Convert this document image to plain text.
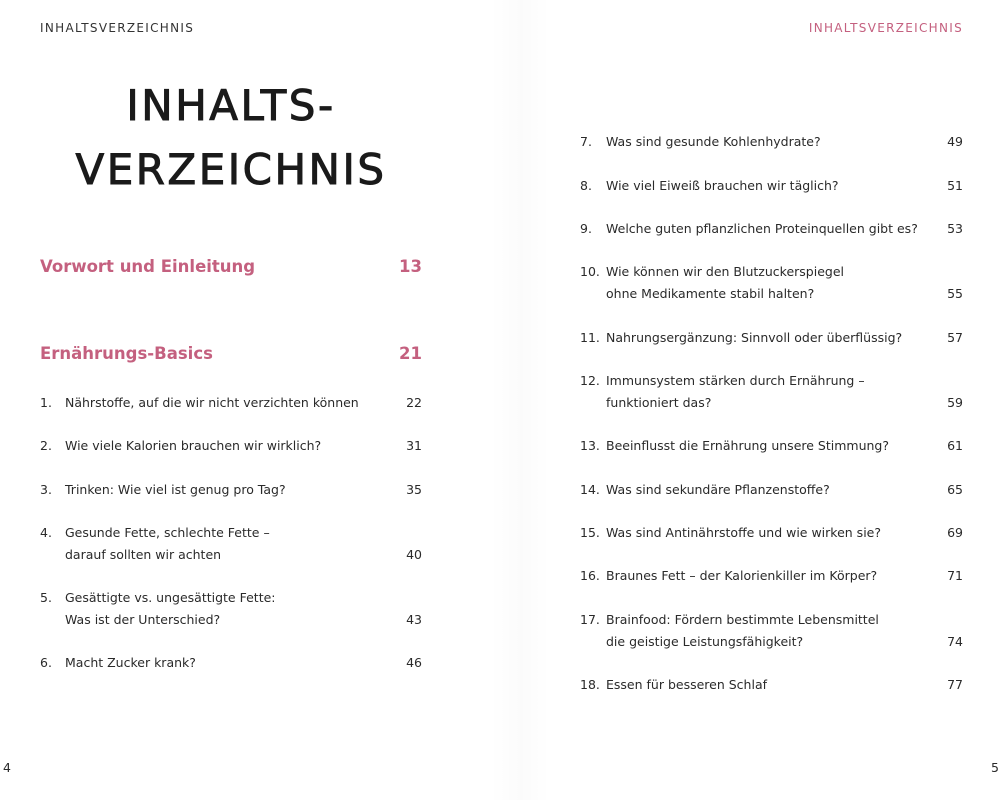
INHALTSVERZEICHNIS	INHALTSVERZEICHNIS
INHALTS-
VERZEICHNIS
Vorwort und Einleitung	13
Ernährungs-Basics	21
1. Nährstoffe, auf die wir nicht verzichten können	22
2. Wie viele Kalorien brauchen wir wirklich?	31
3. Trinken: Wie viel ist genug pro Tag?	35
4. Gesunde Fette, schlechte Fette –
darauf sollten wir achten	40
5. Gesättigte vs. ungesättigte Fette:
Was ist der Unterschied?	43
6. Macht Zucker krank?	46
7. Was sind gesunde Kohlenhydrate?	49
8. Wie viel Eiweiß brauchen wir täglich?	51
9. Welche guten pflanzlichen Proteinquellen gibt es? 53
10. Wie können wir den Blutzuckerspiegel
ohne Medikamente stabil halten?	55
11. Nahrungsergänzung: Sinnvoll oder überflüssig?	57
12. Immunsystem stärken durch Ernährung –
funktioniert das?	59
13. Beeinflusst die Ernährung unsere Stimmung?	61
14. Was sind sekundäre Pflanzenstoffe?	65
15. Was sind Antinährstoffe und wie wirken sie?	69
16. Braunes Fett – der Kalorienkiller im Körper?	71
17. Brainfood: Fördern bestimmte Lebensmittel
die geistige Leistungsfähigkeit?	74
18. Essen für besseren Schlaf	77
4	5
